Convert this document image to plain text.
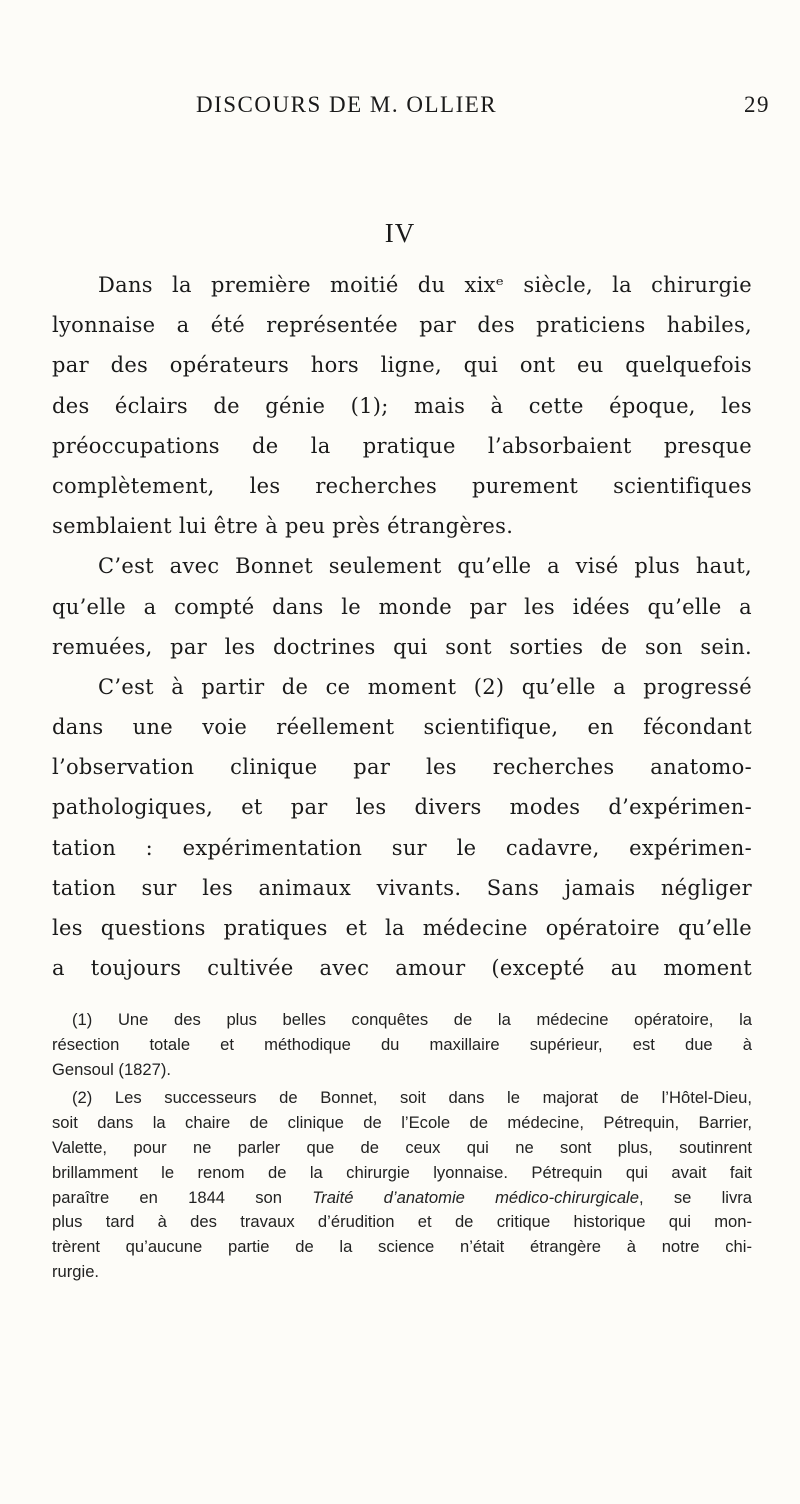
DISCOURS DE M. OLLIER	29
IV
Dans la première moitié du xixᵉ siècle, la chirurgie
lyonnaise a été représentée par des praticiens habiles,
par des opérateurs hors ligne, qui ont eu quelquefois
des éclairs de génie (1); mais à cette époque, les
préoccupations de la pratique l’absorbaient presque
complètement, les recherches purement scientifiques
semblaient lui être à peu près étrangères.
C’est avec Bonnet seulement qu’elle a visé plus haut,
qu’elle a compté dans le monde par les idées qu’elle a
remuées, par les doctrines qui sont sorties de son sein.
C’est à partir de ce moment (2) qu’elle a progressé
dans une voie réellement scientifique, en fécondant
l’observation clinique par les recherches anatomo-
pathologiques, et par les divers modes d’expérimen-
tation : expérimentation sur le cadavre, expérimen-
tation sur les animaux vivants. Sans jamais négliger
les questions pratiques et la médecine opératoire qu’elle
a toujours cultivée avec amour (excepté au moment
(1) Une des plus belles conquêtes de la médecine opératoire, la
résection totale et méthodique du maxillaire supérieur, est due à
Gensoul (1827).
(2) Les successeurs de Bonnet, soit dans le majorat de l’Hôtel-Dieu,
soit dans la chaire de clinique de l’Ecole de médecine, Pétrequin, Barrier,
Valette, pour ne parler que de ceux qui ne sont plus, soutinrent
brillamment le renom de la chirurgie lyonnaise. Pétrequin qui avait fait
paraître en 1844 son Traité d’anatomie médico-chirurgicale, se livra
plus tard à des travaux d’érudition et de critique historique qui mon-
trèrent qu’aucune partie de la science n’était étrangère à notre chi-
rurgie.
